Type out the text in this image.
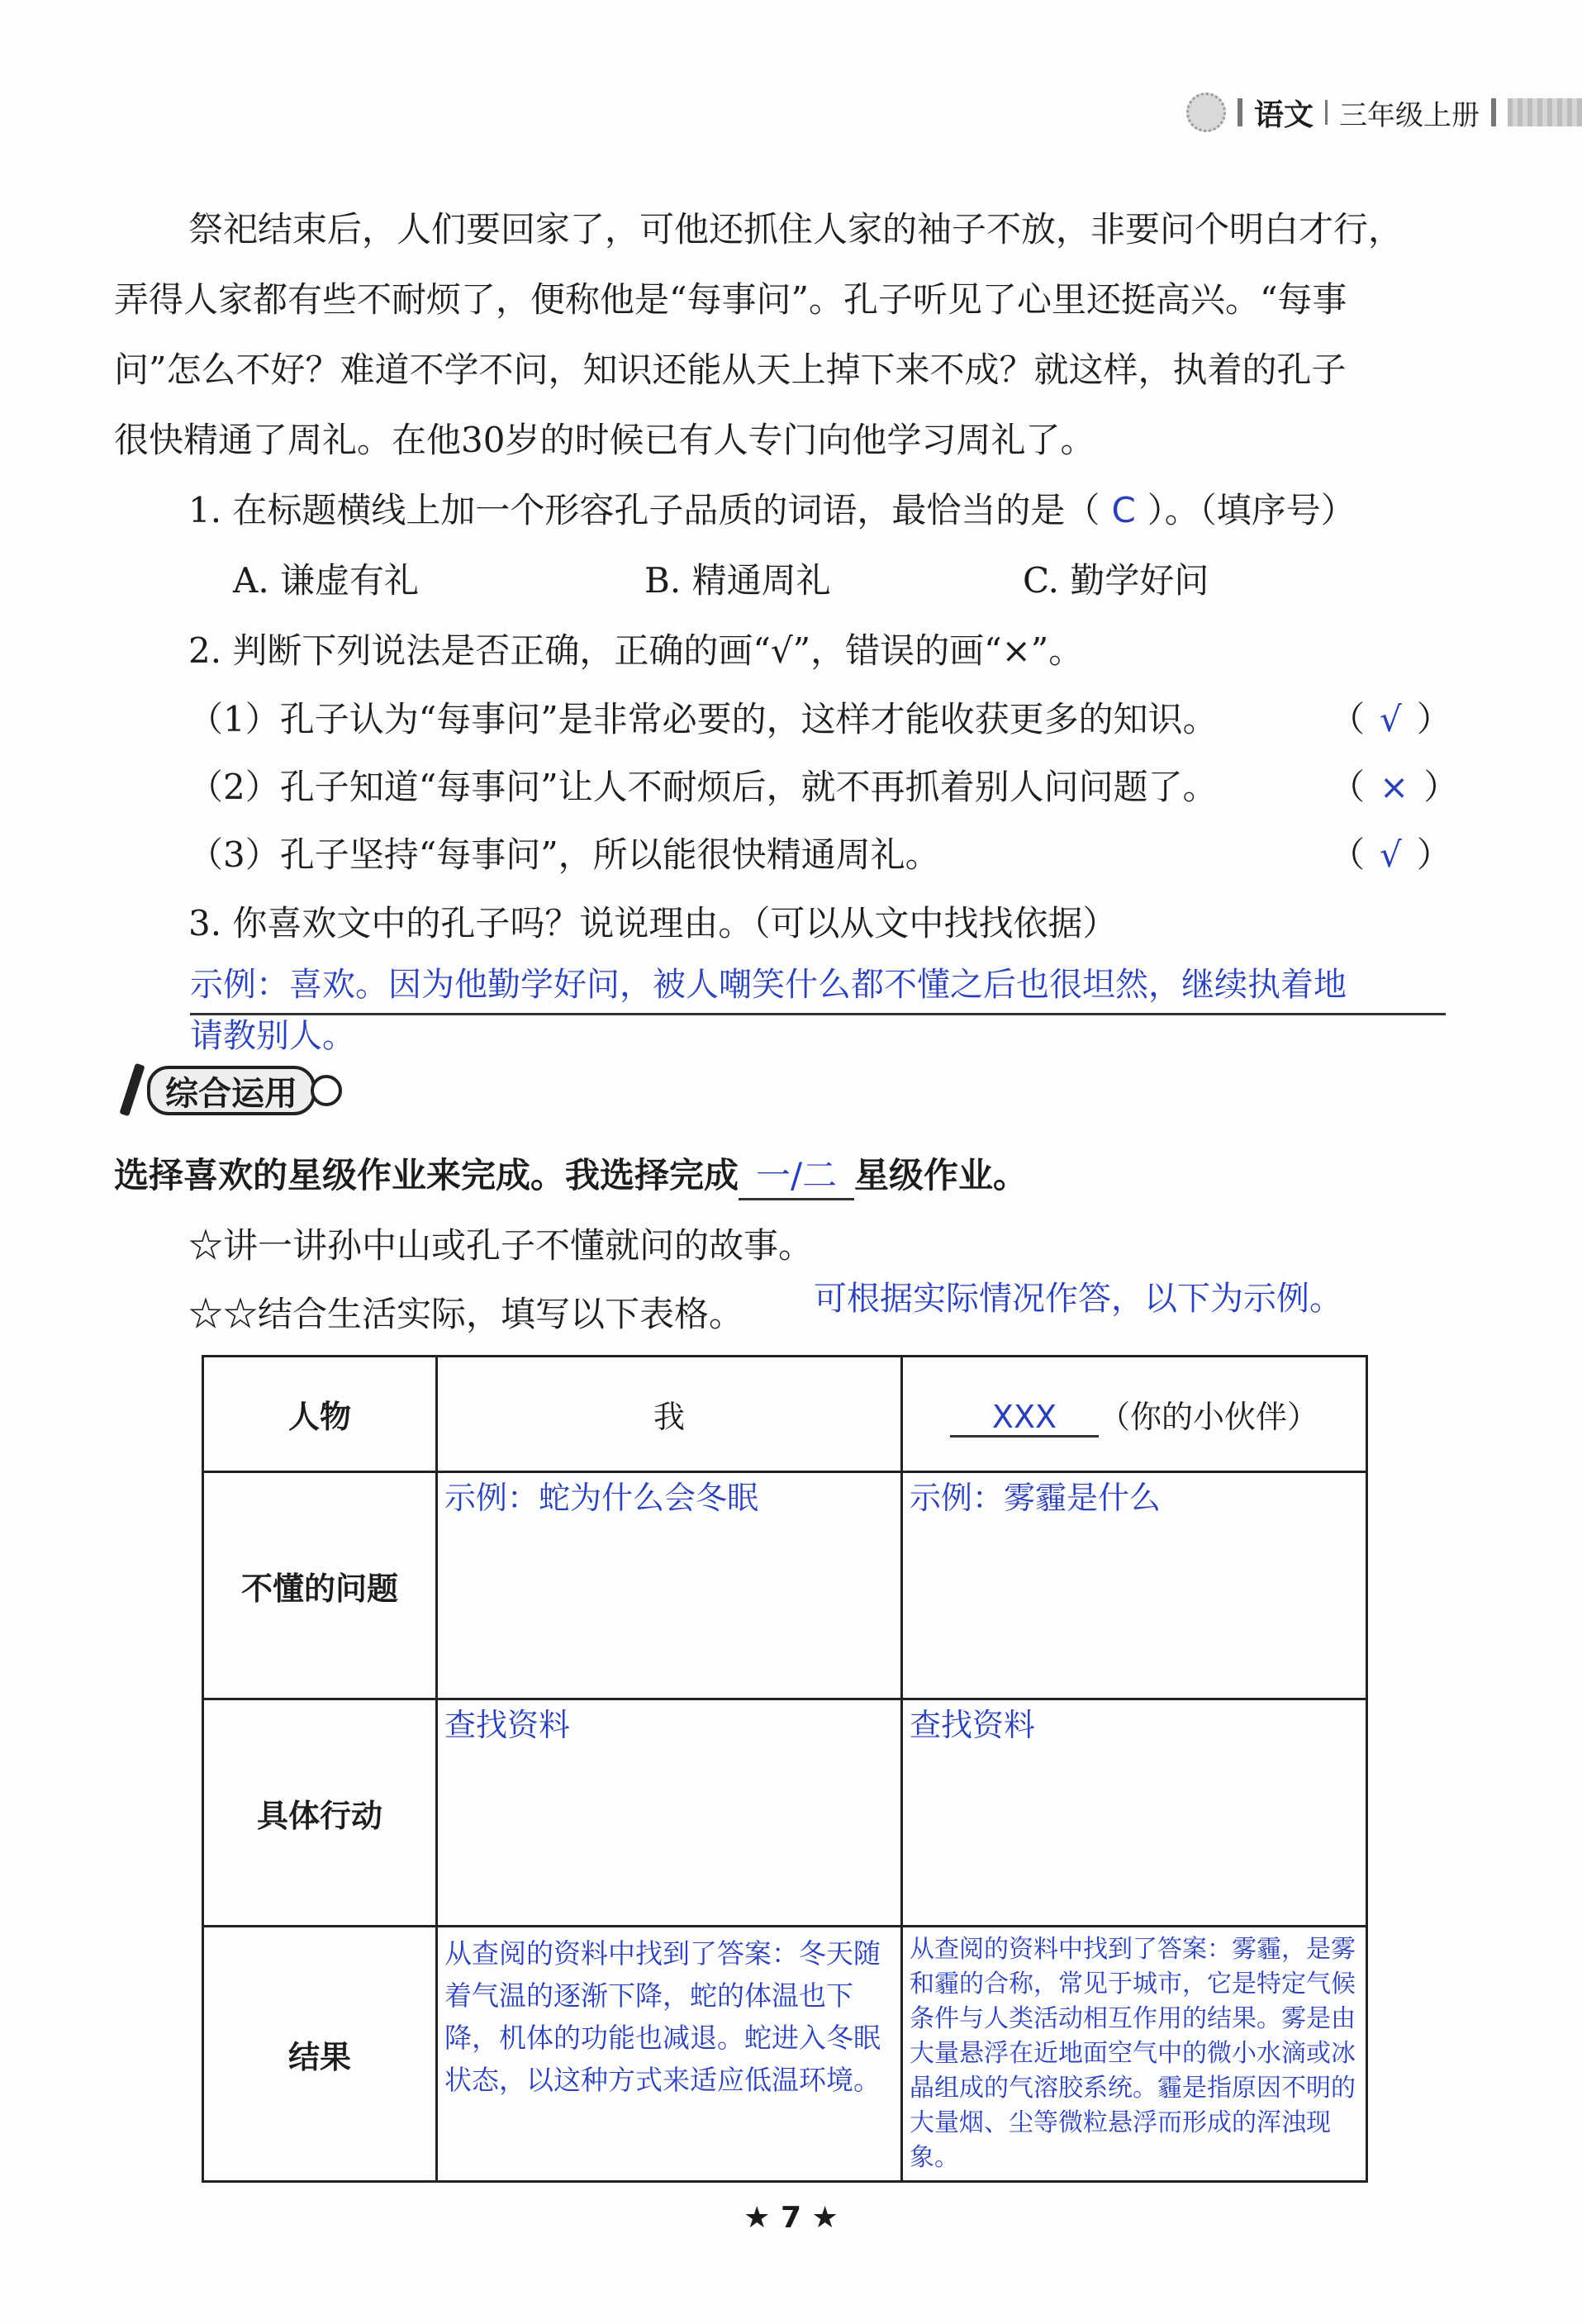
语文 三年级上册
祭祀结束后，人们要回家了，可他还抓住人家的袖子不放，非要问个明白才行，
弄得人家都有些不耐烦了，便称他是“每事问”。孔子听见了心里还挺高兴。“每事
问”怎么不好？难道不学不问，知识还能从天上掉下来不成？就这样，执着的孔子
很快精通了周礼。在他30岁的时候已有人专门向他学习周礼了。
1. 在标题横线上加一个形容孔子品质的词语，最恰当的是（ C ）。（填序号）
A. 谦虚有礼	B. 精通周礼	C. 勤学好问
2. 判断下列说法是否正确，正确的画“√”，错误的画“×”。
（1）孔子认为“每事问”是非常必要的，这样才能收获更多的知识。	（ √ ）
（2）孔子知道“每事问”让人不耐烦后，就不再抓着别人问问题了。	（ × ）
（3）孔子坚持“每事问”，所以能很快精通周礼。	（ √ ）
3. 你喜欢文中的孔子吗？说说理由。（可以从文中找找依据）
示例：喜欢。因为他勤学好问，被人嘲笑什么都不懂之后也很坦然，继续执着地
请教别人。
综合运用
选择喜欢的星级作业来完成。我选择完成 一/二 星级作业。
☆讲一讲孙中山或孔子不懂就问的故事。
☆☆结合生活实际，填写以下表格。 可根据实际情况作答，以下为示例。
人物	我	XXX （你的小伙伴）
不懂的问题	示例：蛇为什么会冬眠	示例：雾霾是什么

具体行动	查找资料	查找资料

结果	从查阅的资料中找到了答案：冬天随着气温的逐渐下降，蛇的体温也下降，机体的功能也减退。蛇进入冬眠状态，以这种方式来适应低温环境。	从查阅的资料中找到了答案：雾霾，是雾和霾的合称，常见于城市，它是特定气候条件与人类活动相互作用的结果。雾是由大量悬浮在近地面空气中的微小水滴或冰晶组成的气溶胶系统。霾是指原因不明的大量烟、尘等微粒悬浮而形成的浑浊现象。
★ 7 ★
